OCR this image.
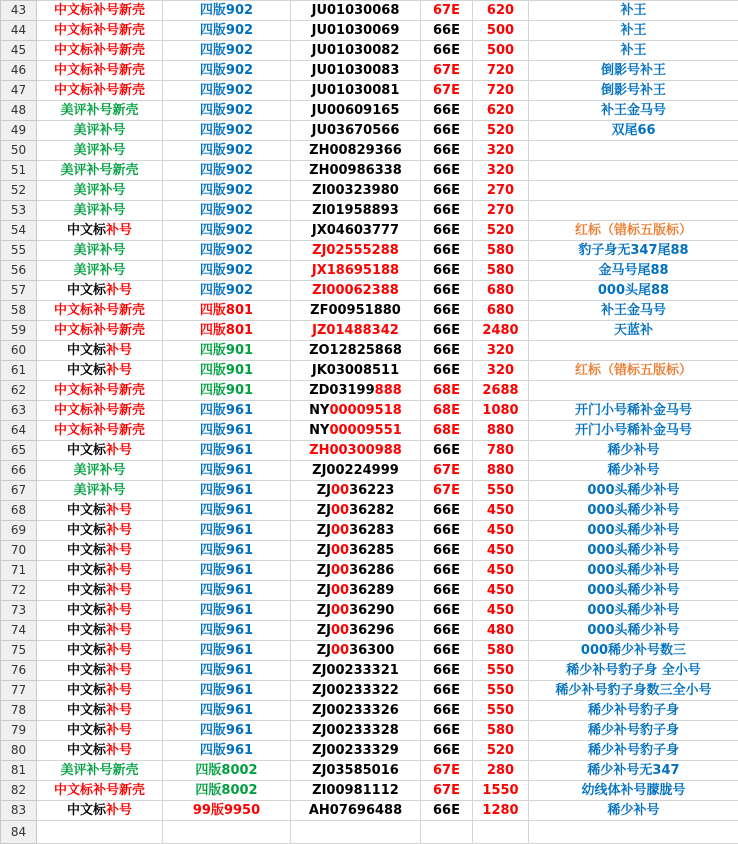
43	中文标补号新壳	四版902	JU01030068	67E	620	补王
44	中文标补号新壳	四版902	JU01030069	66E	500	补王
45	中文标补号新壳	四版902	JU01030082	66E	500	补王
46	中文标补号新壳	四版902	JU01030083	67E	720	倒影号补王
47	中文标补号新壳	四版902	JU01030081	67E	720	倒影号补王
48	美评补号新壳	四版902	JU00609165	66E	620	补王金马号
49	美评补号	四版902	JU03670566	66E	520	双尾66
50	美评补号	四版902	ZH00829366	66E	320	
51	美评补号新壳	四版902	ZH00986338	66E	320	
52	美评补号	四版902	ZI00323980	66E	270	
53	美评补号	四版902	ZI01958893	66E	270	
54	中文标补号	四版902	JX04603777	66E	520	红标（错标五版标）
55	美评补号	四版902	ZJ02555288	66E	580	豹子身无347尾88
56	美评补号	四版902	JX18695188	66E	580	金马号尾88
57	中文标补号	四版902	ZI00062388	66E	680	000头尾88
58	中文标补号新壳	四版801	ZF00951880	66E	680	补王金马号
59	中文标补号新壳	四版801	JZ01488342	66E	2480	天蓝补
60	中文标补号	四版901	ZO12825868	66E	320	
61	中文标补号	四版901	JK03008511	66E	320	红标（错标五版标）
62	中文标补号新壳	四版901	ZD03199888	68E	2688	
63	中文标补号新壳	四版961	NY00009518	68E	1080	开门小号稀补金马号
64	中文标补号新壳	四版961	NY00009551	68E	880	开门小号稀补金马号
65	中文标补号	四版961	ZH00300988	66E	780	稀少补号
66	美评补号	四版961	ZJ00224999	67E	880	稀少补号
67	美评补号	四版961	ZJ0036223	67E	550	000头稀少补号
68	中文标补号	四版961	ZJ0036282	66E	450	000头稀少补号
69	中文标补号	四版961	ZJ0036283	66E	450	000头稀少补号
70	中文标补号	四版961	ZJ0036285	66E	450	000头稀少补号
71	中文标补号	四版961	ZJ0036286	66E	450	000头稀少补号
72	中文标补号	四版961	ZJ0036289	66E	450	000头稀少补号
73	中文标补号	四版961	ZJ0036290	66E	450	000头稀少补号
74	中文标补号	四版961	ZJ0036296	66E	480	000头稀少补号
75	中文标补号	四版961	ZJ0036300	66E	580	000稀少补号数三
76	中文标补号	四版961	ZJ00233321	66E	550	稀少补号豹子身 全小号
77	中文标补号	四版961	ZJ00233322	66E	550	稀少补号豹子身数三全小号
78	中文标补号	四版961	ZJ00233326	66E	550	稀少补号豹子身
79	中文标补号	四版961	ZJ00233328	66E	580	稀少补号豹子身
80	中文标补号	四版961	ZJ00233329	66E	520	稀少补号豹子身
81	美评补号新壳	四版8002	ZJ03585016	67E	280	稀少补号无347
82	中文标补号新壳	四版8002	ZI00981112	67E	1550	幼线体补号朦胧号
83	中文标补号	99版9950	AH07696488	66E	1280	稀少补号
84						
